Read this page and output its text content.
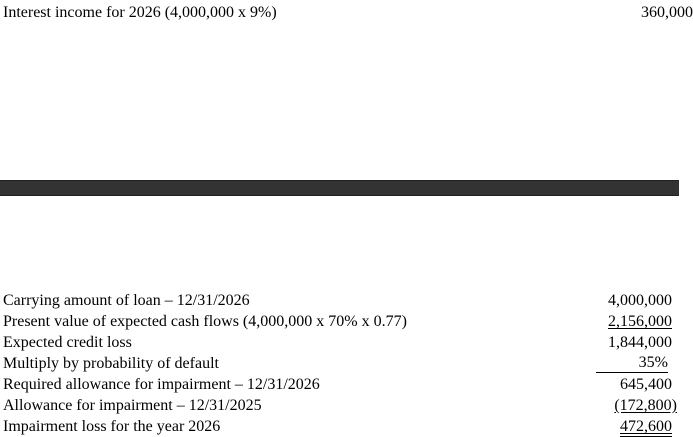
Interest income for 2026 (4,000,000 x 9%)	360,000
Carrying amount of loan – 12/31/2026	4,000,000
Present value of expected cash flows (4,000,000 x 70% x 0.77)	2,156,000
Expected credit loss	1,844,000
Multiply by probability of default	35%
Required allowance for impairment – 12/31/2026	645,400
Allowance for impairment – 12/31/2025	(172,800)
Impairment loss for the year 2026	472,600
